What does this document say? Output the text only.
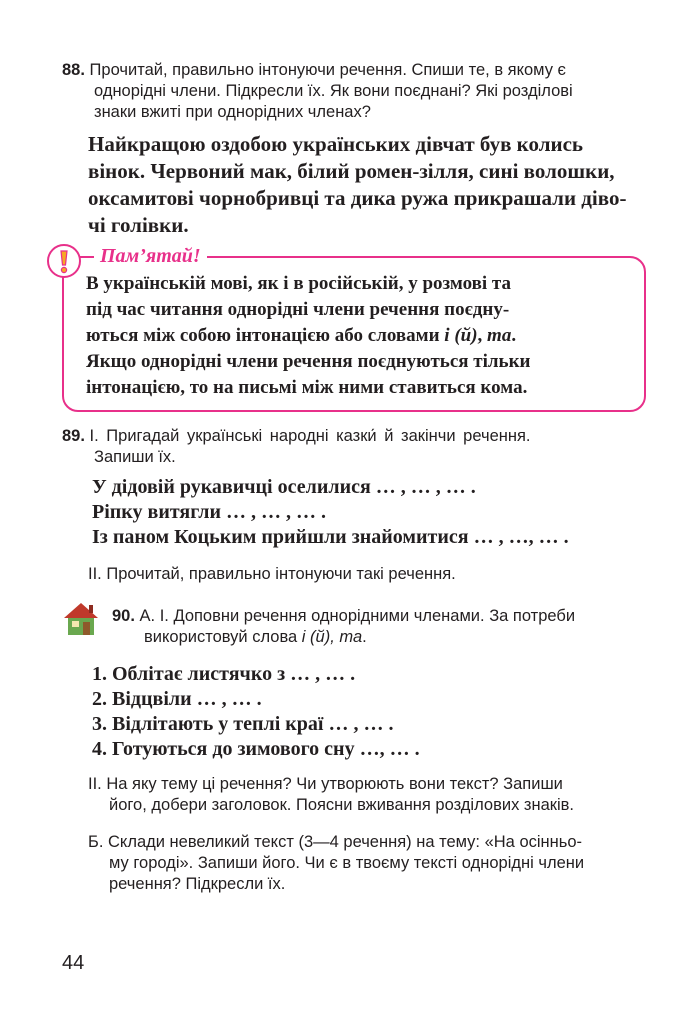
88. Прочитай, правильно інтонуючи речення. Спиши те, в якому є
однорідні члени. Підкресли їх. Як вони поєднані? Які розділові
знаки вжиті при однорідних членах?
Найкращою оздобою українських дівчат був колись
вінок. Червоний мак, білий ромен-зілля, сині волошки,
оксамитові чорнобривці та дика ружа прикрашали діво-
чі голівки.
Пам’ятай!
В українській мові, як і в російській, у розмові та
під час читання однорідні члени речення поєдну-
ються між собою інтонацією або словами і (й), та.
Якщо однорідні члени речення поєднуються тільки
інтонацією, то на письмі між ними ставиться кома.
89. І. Пригадай українські народні казки́ й закінчи речення.
Запиши їх.
У дідовій рукавичці оселилися … , … , … .
Ріпку витягли … , … , … .
Із паном Коцьким прийшли знайомитися … , …, … .
ІІ. Прочитай, правильно інтонуючи такі речення.
90. А. І. Доповни речення однорідними членами. За потреби
використовуй слова і (й), та.
1. Облітає листячко з … , … .
2. Відцвіли … , … .
3. Відлітають у теплі краї … , … .
4. Готуються до зимового сну …, … .
ІІ. На яку тему ці речення? Чи утворюють вони текст? Запиши
його, добери заголовок. Поясни вживання розділових знаків.
Б. Склади невеликий текст (3—4 речення) на тему: «На осінньо-
му городі». Запиши його. Чи є в твоєму тексті однорідні члени
речення? Підкресли їх.
44
